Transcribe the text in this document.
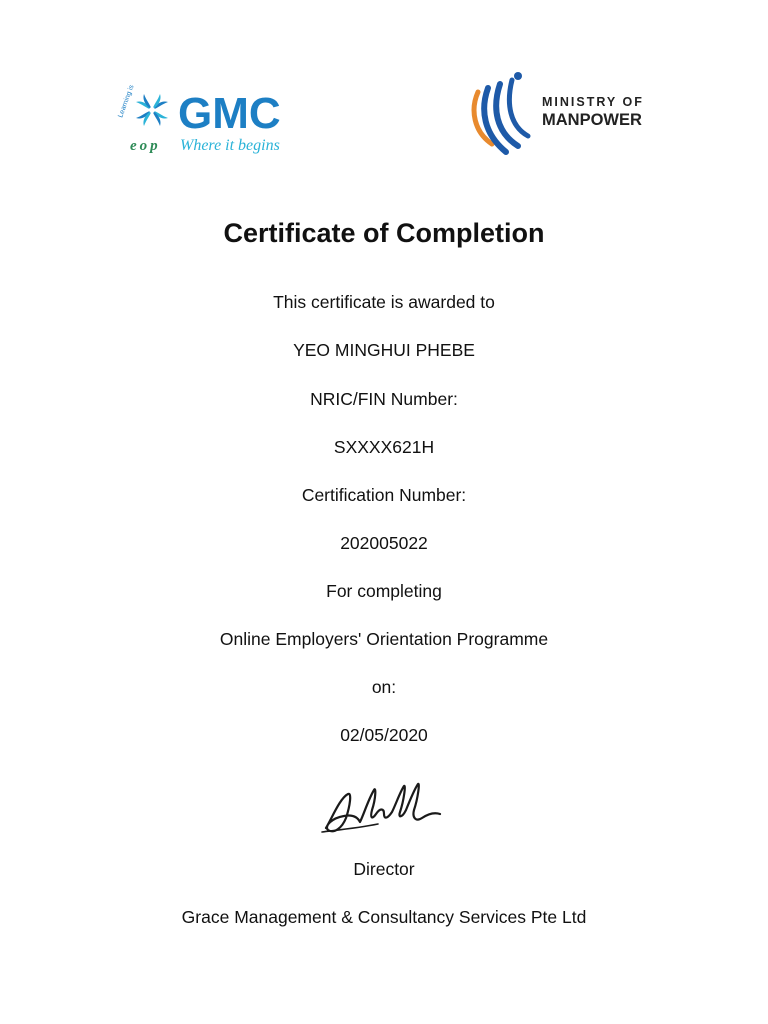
Learning is GMC
eop Where it begins
MINISTRY OF
MANPOWER
Certificate of Completion
This certificate is awarded to
YEO MINGHUI PHEBE
NRIC/FIN Number:
SXXXX621H
Certification Number:
202005022
For completing
Online Employers' Orientation Programme
on:
02/05/2020
Director
Grace Management & Consultancy Services Pte Ltd
